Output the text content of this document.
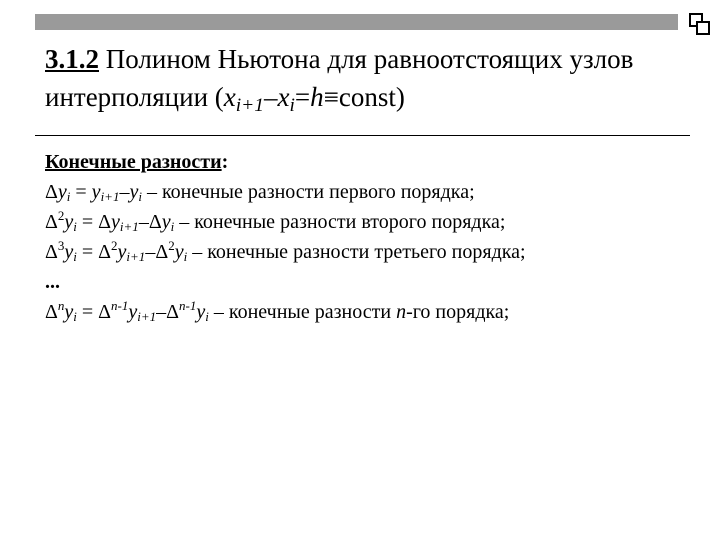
3.1.2 Полином Ньютона для равноотстоящих узлов интерполяции (xi+1–xi=h≡const)
Конечные разности:
$\Delta y_i = y_{i+1}-y_i$ – конечные разности первого порядка;
$\Delta^2y_i = \Delta y_{i+1}-\Delta y_i$ – конечные разности второго порядка;
$\Delta^3y_i = \Delta^2y_{i+1}-\Delta^2y_i$ – конечные разности третьего порядка;
...
$\Delta^ny_i = \Delta^{n-1}y_{i+1}-\Delta^{n-1}y_i$ – конечные разности n-го порядка;
